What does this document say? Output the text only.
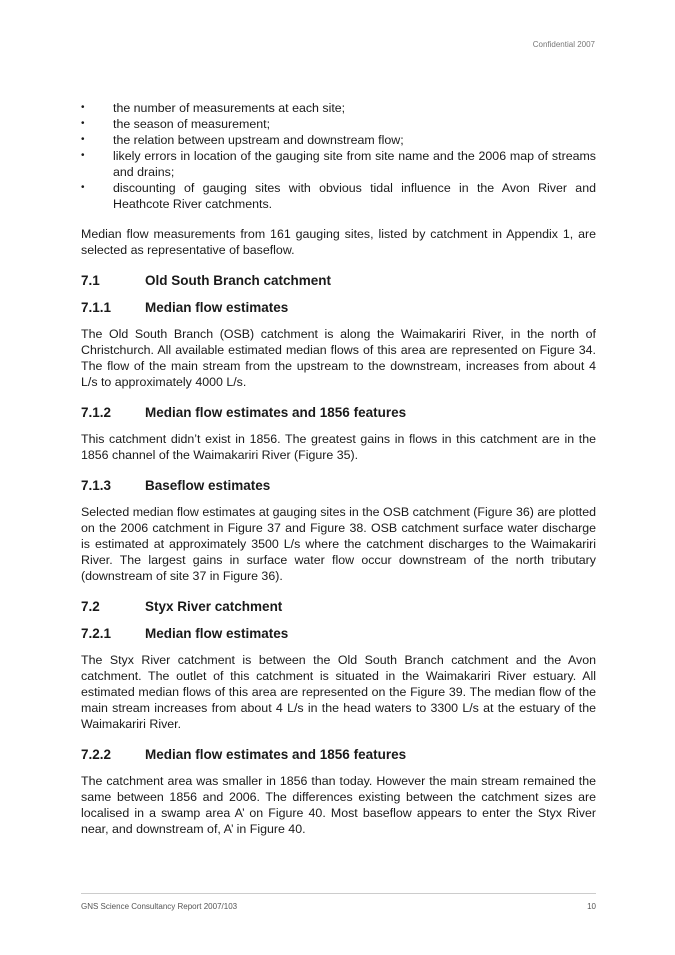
Confidential 2007
•	the number of measurements at each site;
•	the season of measurement;
•	the relation between upstream and downstream flow;
•	likely errors in location of the gauging site from site name and the 2006 map of streams and drains;
•	discounting of gauging sites with obvious tidal influence in the Avon River and Heathcote River catchments.

Median flow measurements from 161 gauging sites, listed by catchment in Appendix 1, are selected as representative of baseflow.

7.1	Old South Branch catchment
7.1.1	Median flow estimates

The Old South Branch (OSB) catchment is along the Waimakariri River, in the north of Christchurch. All available estimated median flows of this area are represented on Figure 34. The flow of the main stream from the upstream to the downstream, increases from about 4 L/s to approximately 4000 L/s.

7.1.2	Median flow estimates and 1856 features

This catchment didn’t exist in 1856. The greatest gains in flows in this catchment are in the 1856 channel of the Waimakariri River (Figure 35).

7.1.3	Baseflow estimates

Selected median flow estimates at gauging sites in the OSB catchment (Figure 36) are plotted on the 2006 catchment in Figure 37 and Figure 38. OSB catchment surface water discharge is estimated at approximately 3500 L/s where the catchment discharges to the Waimakariri River. The largest gains in surface water flow occur downstream of the north tributary (downstream of site 37 in Figure 36).

7.2	Styx River catchment
7.2.1	Median flow estimates

The Styx River catchment is between the Old South Branch catchment and the Avon catchment. The outlet of this catchment is situated in the Waimakariri River estuary. All estimated median flows of this area are represented on the Figure 39. The median flow of the main stream increases from about 4 L/s in the head waters to 3300 L/s at the estuary of the Waimakariri River.

7.2.2	Median flow estimates and 1856 features

The catchment area was smaller in 1856 than today. However the main stream remained the same between 1856 and 2006. The differences existing between the catchment sizes are localised in a swamp area A’ on Figure 40. Most baseflow appears to enter the Styx River near, and downstream of, A’ in Figure 40.

GNS Science Consultancy Report 2007/103	10
